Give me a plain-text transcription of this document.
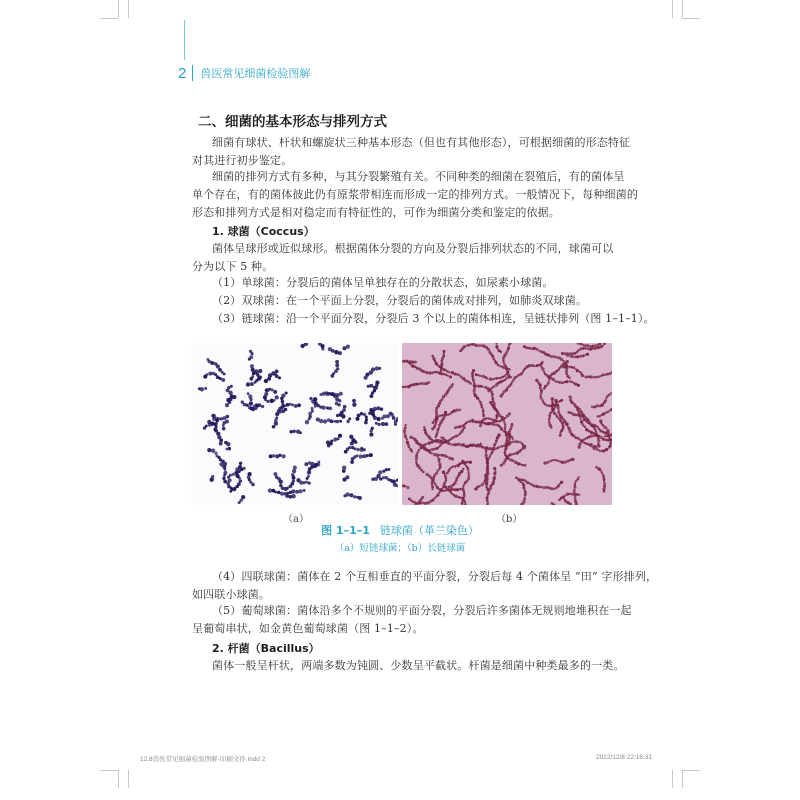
2 兽医常见细菌检验图解
二、细菌的基本形态与排列方式
细菌有球状、杆状和螺旋状三种基本形态（但也有其他形态），可根据细菌的形态特征
对其进行初步鉴定。
细菌的排列方式有多种，与其分裂繁殖有关。不同种类的细菌在裂殖后，有的菌体呈
单个存在，有的菌体彼此仍有原浆带相连而形成一定的排列方式。一般情况下，每种细菌的
形态和排列方式是相对稳定而有特征性的，可作为细菌分类和鉴定的依据。
1. 球菌（Coccus）
菌体呈球形或近似球形。根据菌体分裂的方向及分裂后排列状态的不同，球菌可以
分为以下 5 种。
（1）单球菌：分裂后的菌体呈单独存在的分散状态，如尿素小球菌。
（2）双球菌：在一个平面上分裂，分裂后的菌体成对排列，如肺炎双球菌。
（3）链球菌：沿一个平面分裂，分裂后 3 个以上的菌体相连，呈链状排列（图 1–1–1）。
（a）	（b）
图 1–1–1 链球菌（革兰染色）
（a）短链球菌；（b）长链球菌
（4）四联球菌：菌体在 2 个互相垂直的平面分裂，分裂后每 4 个菌体呈 “田” 字形排列，
如四联小球菌。
（5）葡萄球菌：菌体沿多个不规则的平面分裂，分裂后许多菌体无规则地堆积在一起
呈葡萄串状，如金黄色葡萄球菌（图 1–1–2）。
2. 杆菌（Bacillus）
菌体一般呈杆状，两端多数为钝圆、少数呈平截状。杆菌是细菌中种类最多的一类。
12.8兽医常见细菌检验图解-印刷文件.indd 2	2022/12/8 22:16:31
